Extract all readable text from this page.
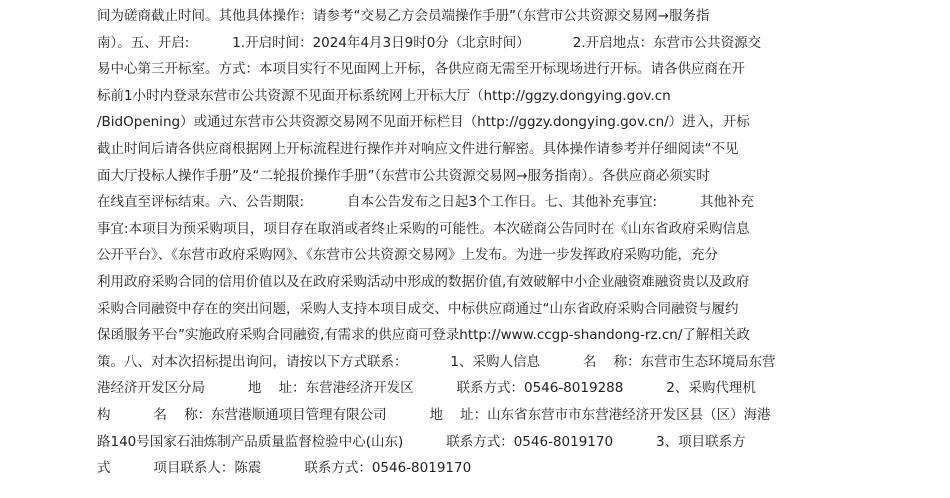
间为磋商截止时间。其他具体操作：请参考“交易乙方会员端操作手册”（东营市公共资源交易网→服务指
南）。五、开启:          1.开启时间：2024年4月3日9时0分（北京时间）          2.开启地点：东营市公共资源交
易中心第三开标室。方式：本项目实行不见面网上开标，各供应商无需至开标现场进行开标。请各供应商在开
标前1小时内登录东营市公共资源不见面开标系统网上开标大厅（http://ggzy.dongying.gov.cn
/BidOpening）或通过东营市公共资源交易网不见面开标栏目（http://ggzy.dongying.gov.cn/）进入，开标
截止时间后请各供应商根据网上开标流程进行操作并对响应文件进行解密。具体操作请参考并仔细阅读“不见
面大厅投标人操作手册”及“二轮报价操作手册”（东营市公共资源交易网→服务指南）。各供应商必须实时
在线直至评标结束。六、公告期限:          自本公告发布之日起3个工作日。七、其他补充事宜:          其他补充
事宜:本项目为预采购项目，项目存在取消或者终止采购的可能性。本次磋商公告同时在《山东省政府采购信息
公开平台》、《东营市政府采购网》、《东营市公共资源交易网》上发布。为进一步发挥政府采购功能，充分
利用政府采购合同的信用价值以及在政府采购活动中形成的数据价值,有效破解中小企业融资难融资贵以及政府
采购合同融资中存在的突出问题，采购人支持本项目成交、中标供应商通过“山东省政府采购合同融资与履约
保函服务平台”实施政府采购合同融资,有需求的供应商可登录http://www.ccgp-shandong-rz.cn/了解相关政
策。八、对本次招标提出询问，请按以下方式联系：          1、采购人信息          名    称：东营市生态环境局东营
港经济开发区分局          地    址：东营港经济开发区          联系方式：0546-8019288          2、采购代理机
构          名    称：东营港顺通项目管理有限公司          地    址：山东省东营市市东营港经济开发区县（区）海港
路140号国家石油炼制产品质量监督检验中心(山东)          联系方式：0546-8019170          3、项目联系方
式          项目联系人：陈震          联系方式：0546-8019170
